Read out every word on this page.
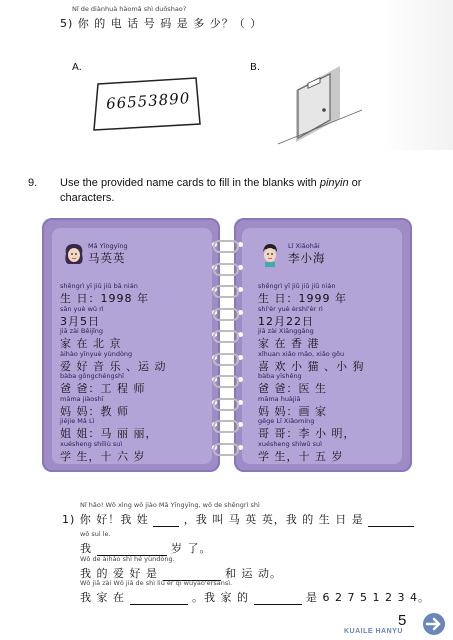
Nǐ de diànhuà hàomǎ shì duōshao?
5) 你 的 电 话 号 码 是 多 少？（ ）
A.	B.
66553890
9. Use the provided name cards to fill in the blanks with pinyin or
characters.
Mǎ Yīngyīng
马英英
shēngrì yī jiǔ jiǔ bā nián
生 日：1998 年
sān yuè wǔ rì
3月5日
jiā zài Běijīng
家 在 北 京
àihào yīnyuè yùndòng
爱 好 音 乐 、运 动
bàba gōngchéngshī
爸 爸：工 程 师
māma jiàoshī
妈 妈：教 师
jiějie Mǎ Lì
姐 姐：马 丽 丽，
xuésheng shíliù suì
学 生，十 六 岁
Lǐ Xiǎohǎi
李小海
shēngrì yī jiǔ jiǔ jiǔ nián
生 日：1999 年
shí'èr yuè èrshí'èr rì
12月22日
jiā zài Xiānggǎng
家 在 香 港
xǐhuan xiǎo māo, xiǎo gǒu
喜 欢 小 猫 、小 狗
bàba yīshēng
爸 爸：医 生
māma huàjiā
妈 妈：画 家
gēge Lǐ Xiǎomíng
哥 哥：李 小 明，
xuésheng shíwǔ suì
学 生，十 五 岁
Nǐ hǎo! Wǒ xìng wǒ jiào Mǎ Yīngyīng, wǒ de shēngrì shì
1) 你 好！我 姓	，我 叫 马 英 英，我 的 生 日 是
wǒ suì le.
我	岁 了。
Wǒ de àihào shì hé yùndòng.
我 的 爱 好 是	和 运 动。
Wǒ jiā zài Wǒ jiā de shì liù èr qī wǔyāo'èrsānsì.
我 家 在	。我 家 的	是 6 2 7 5 1 2 3 4。
5
KUAILE HANYU
